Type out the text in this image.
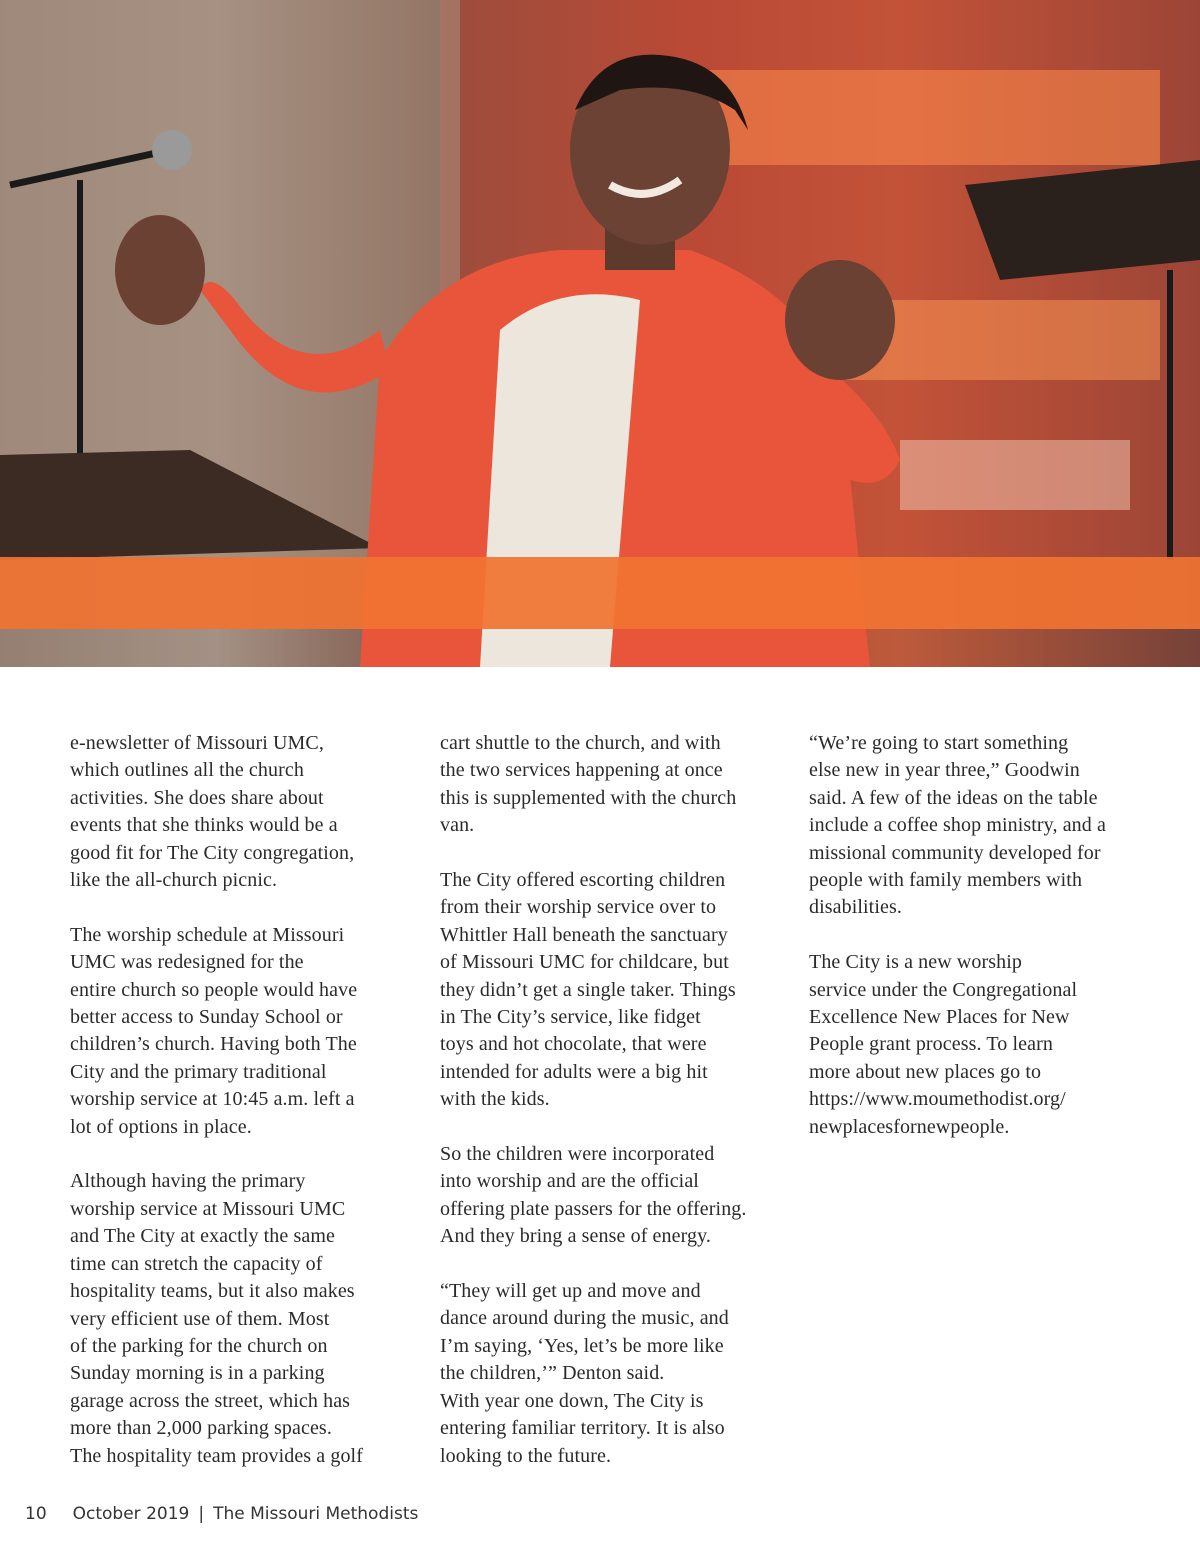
e-newsletter of Missouri UMC,
which outlines all the church
activities. She does share about
events that she thinks would be a
good fit for The City congregation,
like the all-church picnic.

The worship schedule at Missouri
UMC was redesigned for the
entire church so people would have
better access to Sunday School or
children’s church. Having both The
City and the primary traditional
worship service at 10:45 a.m. left a
lot of options in place.

Although having the primary
worship service at Missouri UMC
and The City at exactly the same
time can stretch the capacity of
hospitality teams, but it also makes
very efficient use of them. Most
of the parking for the church on
Sunday morning is in a parking
garage across the street, which has
more than 2,000 parking spaces.
The hospitality team provides a golf

cart shuttle to the church, and with
the two services happening at once
this is supplemented with the church
van.

The City offered escorting children
from their worship service over to
Whittler Hall beneath the sanctuary
of Missouri UMC for childcare, but
they didn’t get a single taker. Things
in The City’s service, like fidget
toys and hot chocolate, that were
intended for adults were a big hit
with the kids.

So the children were incorporated
into worship and are the official
offering plate passers for the offering.
And they bring a sense of energy.

“They will get up and move and
dance around during the music, and
I’m saying, ‘Yes, let’s be more like
the children,’” Denton said.

With year one down, The City is
entering familiar territory. It is also
looking to the future.

“We’re going to start something
else new in year three,” Goodwin
said. A few of the ideas on the table
include a coffee shop ministry, and a
missional community developed for
people with family members with
disabilities.

The City is a new worship
service under the Congregational
Excellence New Places for New
People grant process. To learn
more about new places go to
https://www.moumethodist.org/
newplacesfornewpeople.

10 October 2019 | The Missouri Methodists
